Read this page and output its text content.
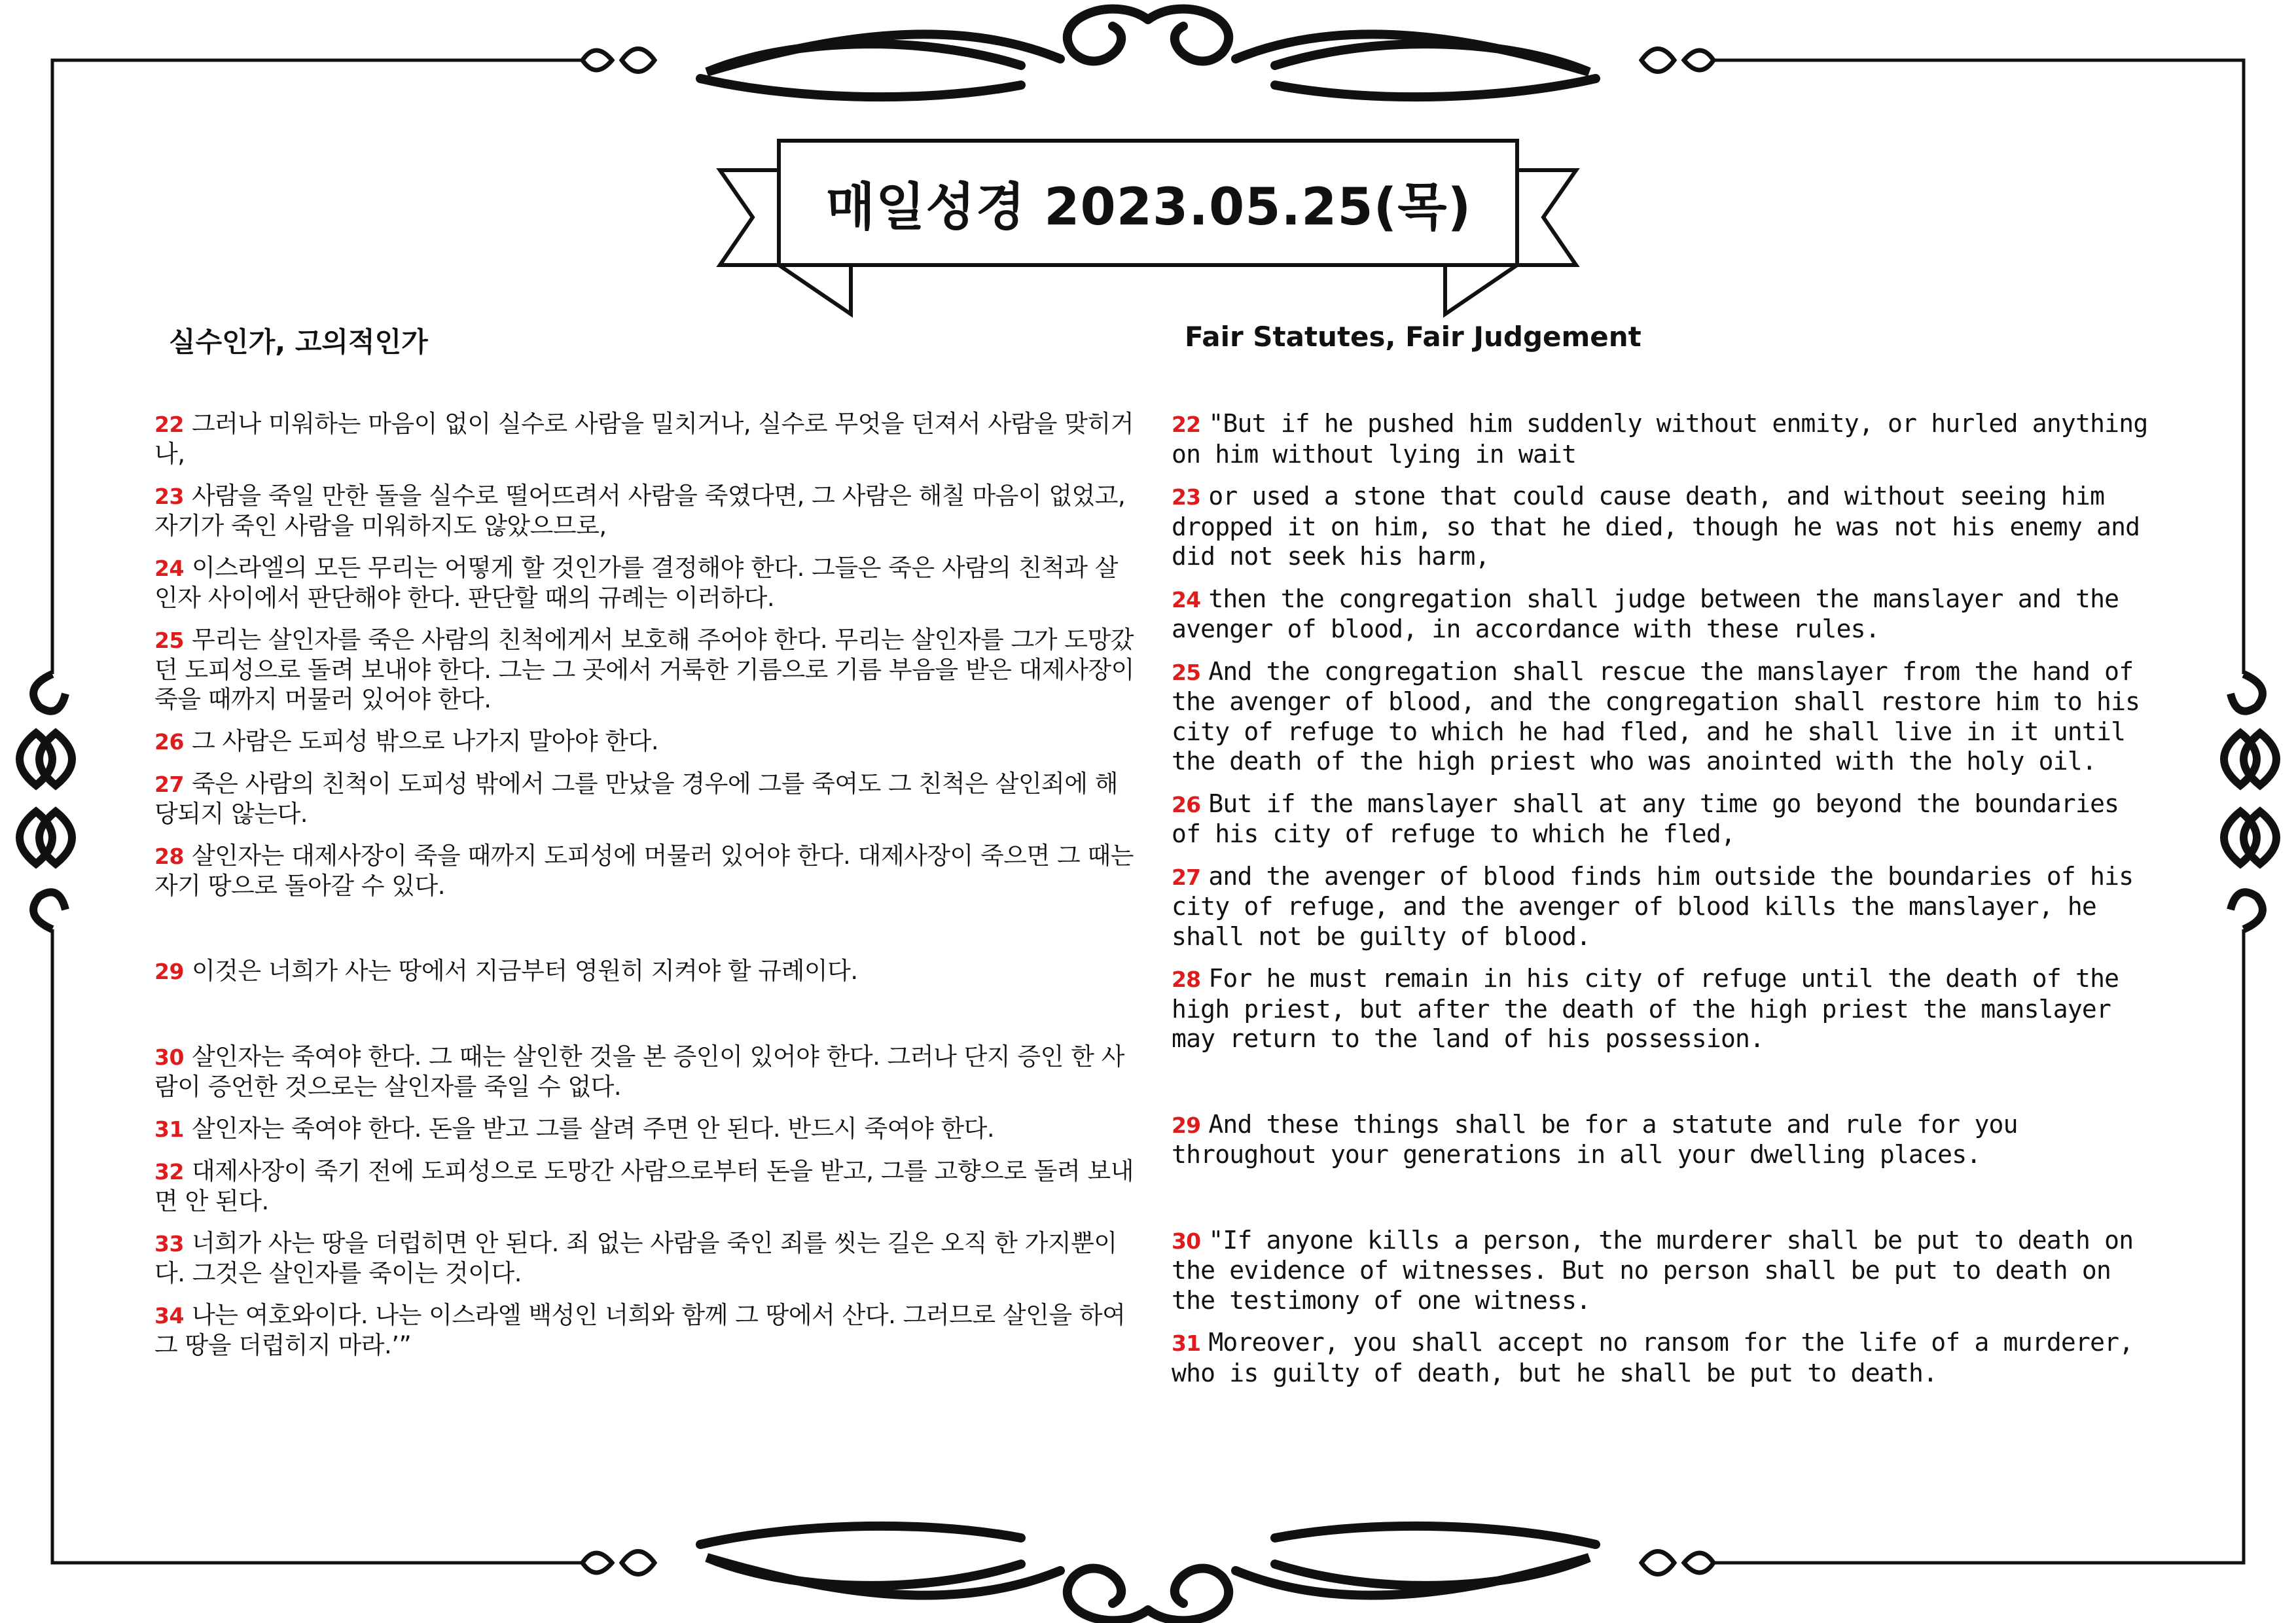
매일성경 2023.05.25(목)
실수인가, 고의적인가	Fair Statutes, Fair Judgement

22 그러나 미워하는 마음이 없이 실수로 사람을 밀치거나, 실수로 무엇을 던져서 사람을 맞히거나,

23 사람을 죽일 만한 돌을 실수로 떨어뜨려서 사람을 죽였다면, 그 사람은 해칠 마음이 없었고, 자기가 죽인 사람을 미워하지도 않았으므로,

24 이스라엘의 모든 무리는 어떻게 할 것인가를 결정해야 한다. 그들은 죽은 사람의 친척과 살인자 사이에서 판단해야 한다. 판단할 때의 규례는 이러하다.

25 무리는 살인자를 죽은 사람의 친척에게서 보호해 주어야 한다. 무리는 살인자를 그가 도망갔던 도피성으로 돌려 보내야 한다. 그는 그 곳에서 거룩한 기름으로 기름 부음을 받은 대제사장이 죽을 때까지 머물러 있어야 한다.

26 그 사람은 도피성 밖으로 나가지 말아야 한다.

27 죽은 사람의 친척이 도피성 밖에서 그를 만났을 경우에 그를 죽여도 그 친척은 살인죄에 해당되지 않는다.

28 살인자는 대제사장이 죽을 때까지 도피성에 머물러 있어야 한다. 대제사장이 죽으면 그 때는 자기 땅으로 돌아갈 수 있다.

29 이것은 너희가 사는 땅에서 지금부터 영원히 지켜야 할 규례이다.

30 살인자는 죽여야 한다. 그 때는 살인한 것을 본 증인이 있어야 한다. 그러나 단지 증인 한 사람이 증언한 것으로는 살인자를 죽일 수 없다.

31 살인자는 죽여야 한다. 돈을 받고 그를 살려 주면 안 된다. 반드시 죽여야 한다.

32 대제사장이 죽기 전에 도피성으로 도망간 사람으로부터 돈을 받고, 그를 고향으로 돌려 보내면 안 된다.

33 너희가 사는 땅을 더럽히면 안 된다. 죄 없는 사람을 죽인 죄를 씻는 길은 오직 한 가지뿐이다. 그것은 살인자를 죽이는 것이다.

34 나는 여호와이다. 나는 이스라엘 백성인 너희와 함께 그 땅에서 산다. 그러므로 살인을 하여 그 땅을 더럽히지 마라.’”

22 "But if he pushed him suddenly without enmity, or hurled anything on him without lying in wait

23 or used a stone that could cause death, and without seeing him dropped it on him, so that he died, though he was not his enemy and did not seek his harm,

24 then the congregation shall judge between the manslayer and the avenger of blood, in accordance with these rules.

25 And the congregation shall rescue the manslayer from the hand of the avenger of blood, and the congregation shall restore him to his city of refuge to which he had fled, and he shall live in it until the death of the high priest who was anointed with the holy oil.

26 But if the manslayer shall at any time go beyond the boundaries of his city of refuge to which he fled,

27 and the avenger of blood finds him outside the boundaries of his city of refuge, and the avenger of blood kills the manslayer, he shall not be guilty of blood.

28 For he must remain in his city of refuge until the death of the high priest, but after the death of the high priest the manslayer may return to the land of his possession.

29 And these things shall be for a statute and rule for you throughout your generations in all your dwelling places.

30 "If anyone kills a person, the murderer shall be put to death on the evidence of witnesses. But no person shall be put to death on the testimony of one witness.

31 Moreover, you shall accept no ransom for the life of a murderer, who is guilty of death, but he shall be put to death.
